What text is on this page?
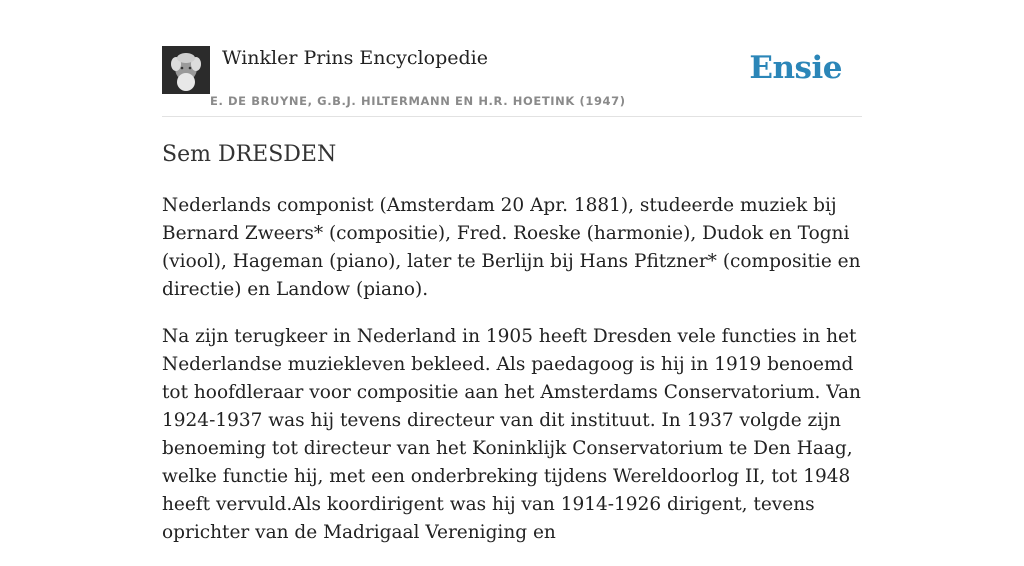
Winkler Prins Encyclopedie
E. DE BRUYNE, G.B.J. HILTERMANN EN H.R. HOETINK (1947)
Ensie
Sem DRESDEN

Nederlands componist (Amsterdam 20 Apr. 1881), studeerde muziek bij Bernard Zweers* (compositie), Fred. Roeske (harmonie), Dudok en Togni (viool), Hageman (piano), later te Berlijn bij Hans Pfitzner* (compositie en directie) en Landow (piano).

Na zijn terugkeer in Nederland in 1905 heeft Dresden vele functies in het Nederlandse muziekleven bekleed. Als paedagoog is hij in 1919 benoemd tot hoofdleraar voor compositie aan het Amsterdams Conservatorium. Van 1924-1937 was hij tevens directeur van dit instituut. In 1937 volgde zijn benoeming tot directeur van het Koninklijk Conservatorium te Den Haag, welke functie hij, met een onderbreking tijdens Wereldoorlog II, tot 1948 heeft vervuld.Als koordirigent was hij van 1914-1926 dirigent, tevens oprichter van de Madrigaal Vereniging en
